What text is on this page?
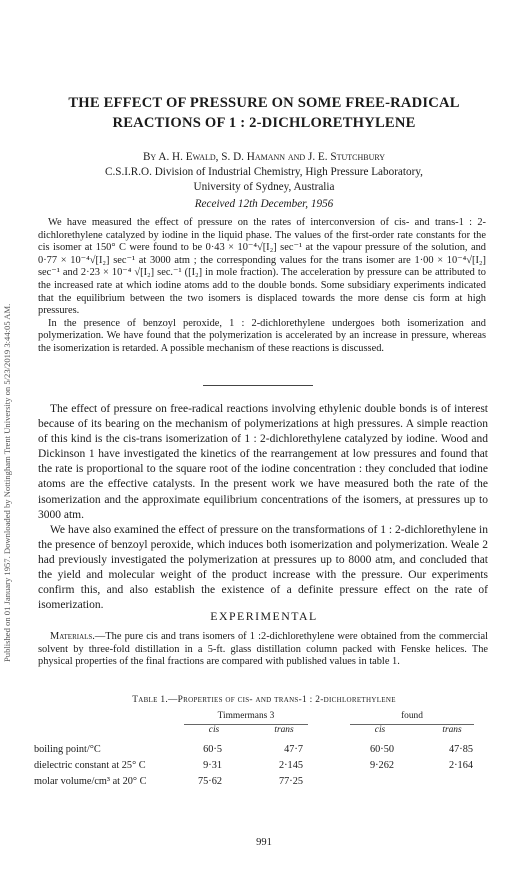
Published on 01 January 1957. Downloaded by Nottingham Trent University on 5/23/2019 3:44:05 AM.
THE EFFECT OF PRESSURE ON SOME FREE-RADICAL
REACTIONS OF 1 : 2-DICHLORETHYLENE
By A. H. Ewald, S. D. Hamann and J. E. Stutchbury
C.S.I.R.O. Division of Industrial Chemistry, High Pressure Laboratory,
University of Sydney, Australia
Received 12th December, 1956

We have measured the effect of pressure on the rates of interconversion of cis- and trans-1 : 2-dichlorethylene catalyzed by iodine in the liquid phase. The values of the first-order rate constants for the cis isomer at 150° C were found to be 0·43 × 10⁻⁴√[I₂] sec⁻¹ at the vapour pressure of the solution, and 0·77 × 10⁻⁴√[I₂] sec⁻¹ at 3000 atm ; the corresponding values for the trans isomer are 1·00 × 10⁻⁴√[I₂] sec⁻¹ and 2·23 × 10⁻⁴ √[I₂] sec.⁻¹ ([I₂] in mole fraction). The acceleration by pressure can be attributed to the increased rate at which iodine atoms add to the double bonds. Some subsidiary experiments indicated that the equilibrium between the two isomers is displaced towards the more dense cis form at high pressures.

In the presence of benzoyl peroxide, 1 : 2-dichlorethylene undergoes both isomerization and polymerization. We have found that the polymerization is accelerated by an increase in pressure, whereas the isomerization is retarded. A possible mechanism of these reactions is discussed.

The effect of pressure on free-radical reactions involving ethylenic double bonds is of interest because of its bearing on the mechanism of polymerizations at high pressures. A simple reaction of this kind is the cis-trans isomerization of 1 : 2-dichlorethylene catalyzed by iodine. Wood and Dickinson 1 have investigated the kinetics of the rearrangement at low pressures and found that the rate is proportional to the square root of the iodine concentration : they concluded that iodine atoms are the effective catalysts. In the present work we have measured both the rate of the isomerization and the approximate equilibrium concentrations of the isomers, at pressures up to 3000 atm.

We have also examined the effect of pressure on the transformations of 1 : 2-dichlorethylene in the presence of benzoyl peroxide, which induces both isomerization and polymerization. Weale 2 had previously investigated the polymerization at pressures up to 8000 atm, and concluded that the yield and molecular weight of the product increase with the pressure. Our experiments confirm this, and also establish the existence of a definite pressure effect on the rate of isomerization.

EXPERIMENTAL

Materials.—The pure cis and trans isomers of 1 :2-dichlorethylene were obtained from the commercial solvent by three-fold distillation in a 5-ft. glass distillation column packed with Fenske helices. The physical properties of the final fractions are compared with published values in table 1.

Table 1.—Properties of cis- and trans-1 : 2-dichlorethylene
Timmermans 3	found
cis	trans	cis	trans
boiling point/°C	60·5	47·7	60·50	47·85
dielectric constant at 25° C	9·31	2·145	9·262	2·164
molar volume/cm³ at 20° C	75·62	77·25
991
